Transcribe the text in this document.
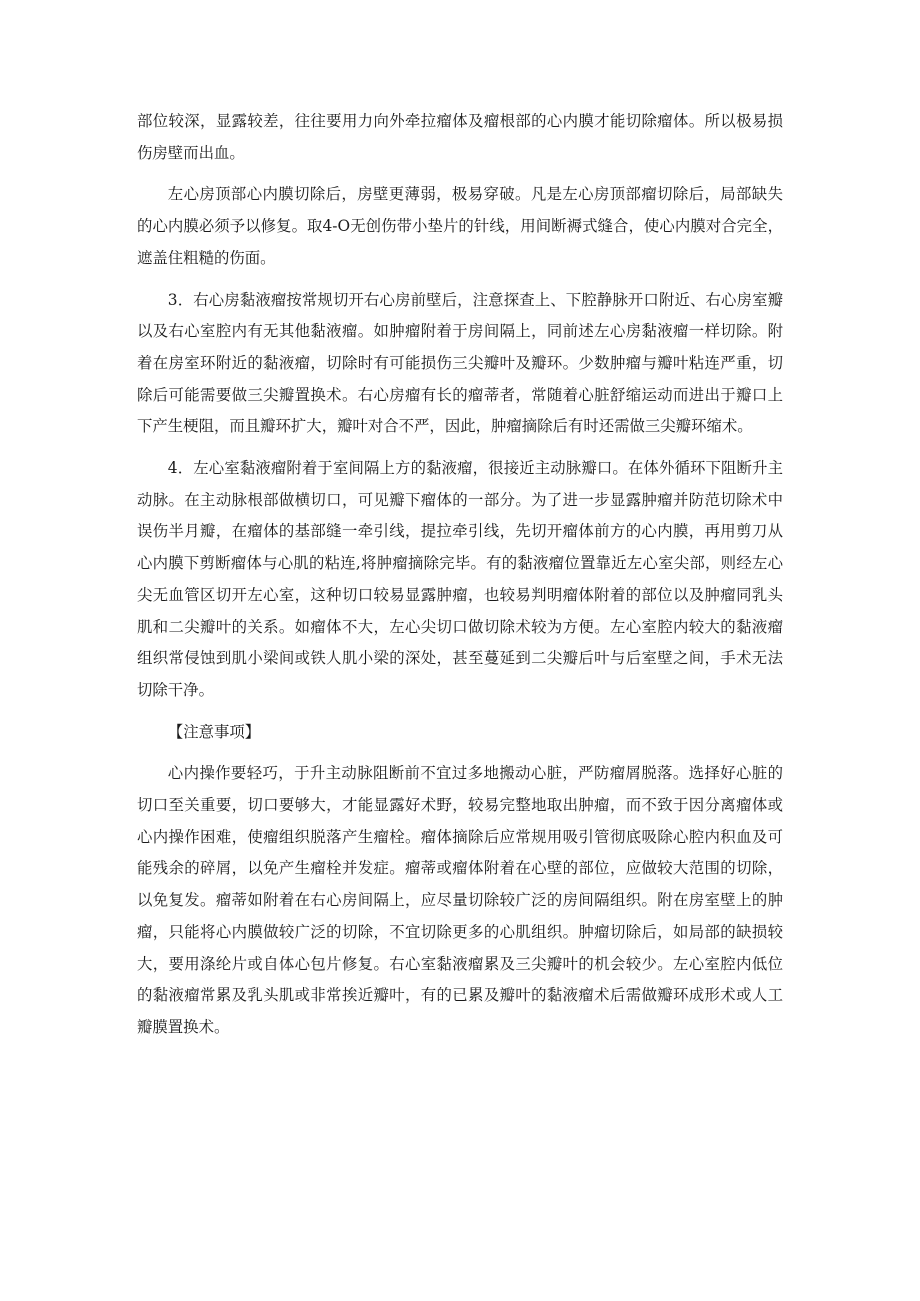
部位较深，显露较差，往往要用力向外牵拉瘤体及瘤根部的心内膜才能切除瘤体。所以极易损伤房壁而出血。

左心房顶部心内膜切除后，房壁更薄弱，极易穿破。凡是左心房顶部瘤切除后，局部缺失的心内膜必须予以修复。取4-O无创伤带小垫片的针线，用间断褥式缝合，使心内膜对合完全，遮盖住粗糙的伤面。

3．右心房黏液瘤按常规切开右心房前壁后，注意探查上、下腔静脉开口附近、右心房室瓣以及右心室腔内有无其他黏液瘤。如肿瘤附着于房间隔上，同前述左心房黏液瘤一样切除。附着在房室环附近的黏液瘤，切除时有可能损伤三尖瓣叶及瓣环。少数肿瘤与瓣叶粘连严重，切除后可能需要做三尖瓣置换术。右心房瘤有长的瘤蒂者，常随着心脏舒缩运动而进出于瓣口上下产生梗阻，而且瓣环扩大，瓣叶对合不严，因此，肿瘤摘除后有时还需做三尖瓣环缩术。

4．左心室黏液瘤附着于室间隔上方的黏液瘤，很接近主动脉瓣口。在体外循环下阻断升主动脉。在主动脉根部做横切口，可见瓣下瘤体的一部分。为了进一步显露肿瘤并防范切除术中误伤半月瓣，在瘤体的基部缝一牵引线，提拉牵引线，先切开瘤体前方的心内膜，再用剪刀从心内膜下剪断瘤体与心肌的粘连,将肿瘤摘除完毕。有的黏液瘤位置靠近左心室尖部，则经左心尖无血管区切开左心室，这种切口较易显露肿瘤，也较易判明瘤体附着的部位以及肿瘤同乳头肌和二尖瓣叶的关系。如瘤体不大，左心尖切口做切除术较为方便。左心室腔内较大的黏液瘤组织常侵蚀到肌小梁间或铁人肌小梁的深处，甚至蔓延到二尖瓣后叶与后室壁之间，手术无法切除干净。

【注意事项】

心内操作要轻巧，于升主动脉阻断前不宜过多地搬动心脏，严防瘤屑脱落。选择好心脏的切口至关重要，切口要够大，才能显露好术野，较易完整地取出肿瘤，而不致于因分离瘤体或心内操作困难，使瘤组织脱落产生瘤栓。瘤体摘除后应常规用吸引管彻底吸除心腔内积血及可能残余的碎屑，以免产生瘤栓并发症。瘤蒂或瘤体附着在心壁的部位，应做较大范围的切除，以免复发。瘤蒂如附着在右心房间隔上，应尽量切除较广泛的房间隔组织。附在房室壁上的肿瘤，只能将心内膜做较广泛的切除，不宜切除更多的心肌组织。肿瘤切除后，如局部的缺损较大，要用涤纶片或自体心包片修复。右心室黏液瘤累及三尖瓣叶的机会较少。左心室腔内低位的黏液瘤常累及乳头肌或非常挨近瓣叶，有的已累及瓣叶的黏液瘤术后需做瓣环成形术或人工瓣膜置换术。
